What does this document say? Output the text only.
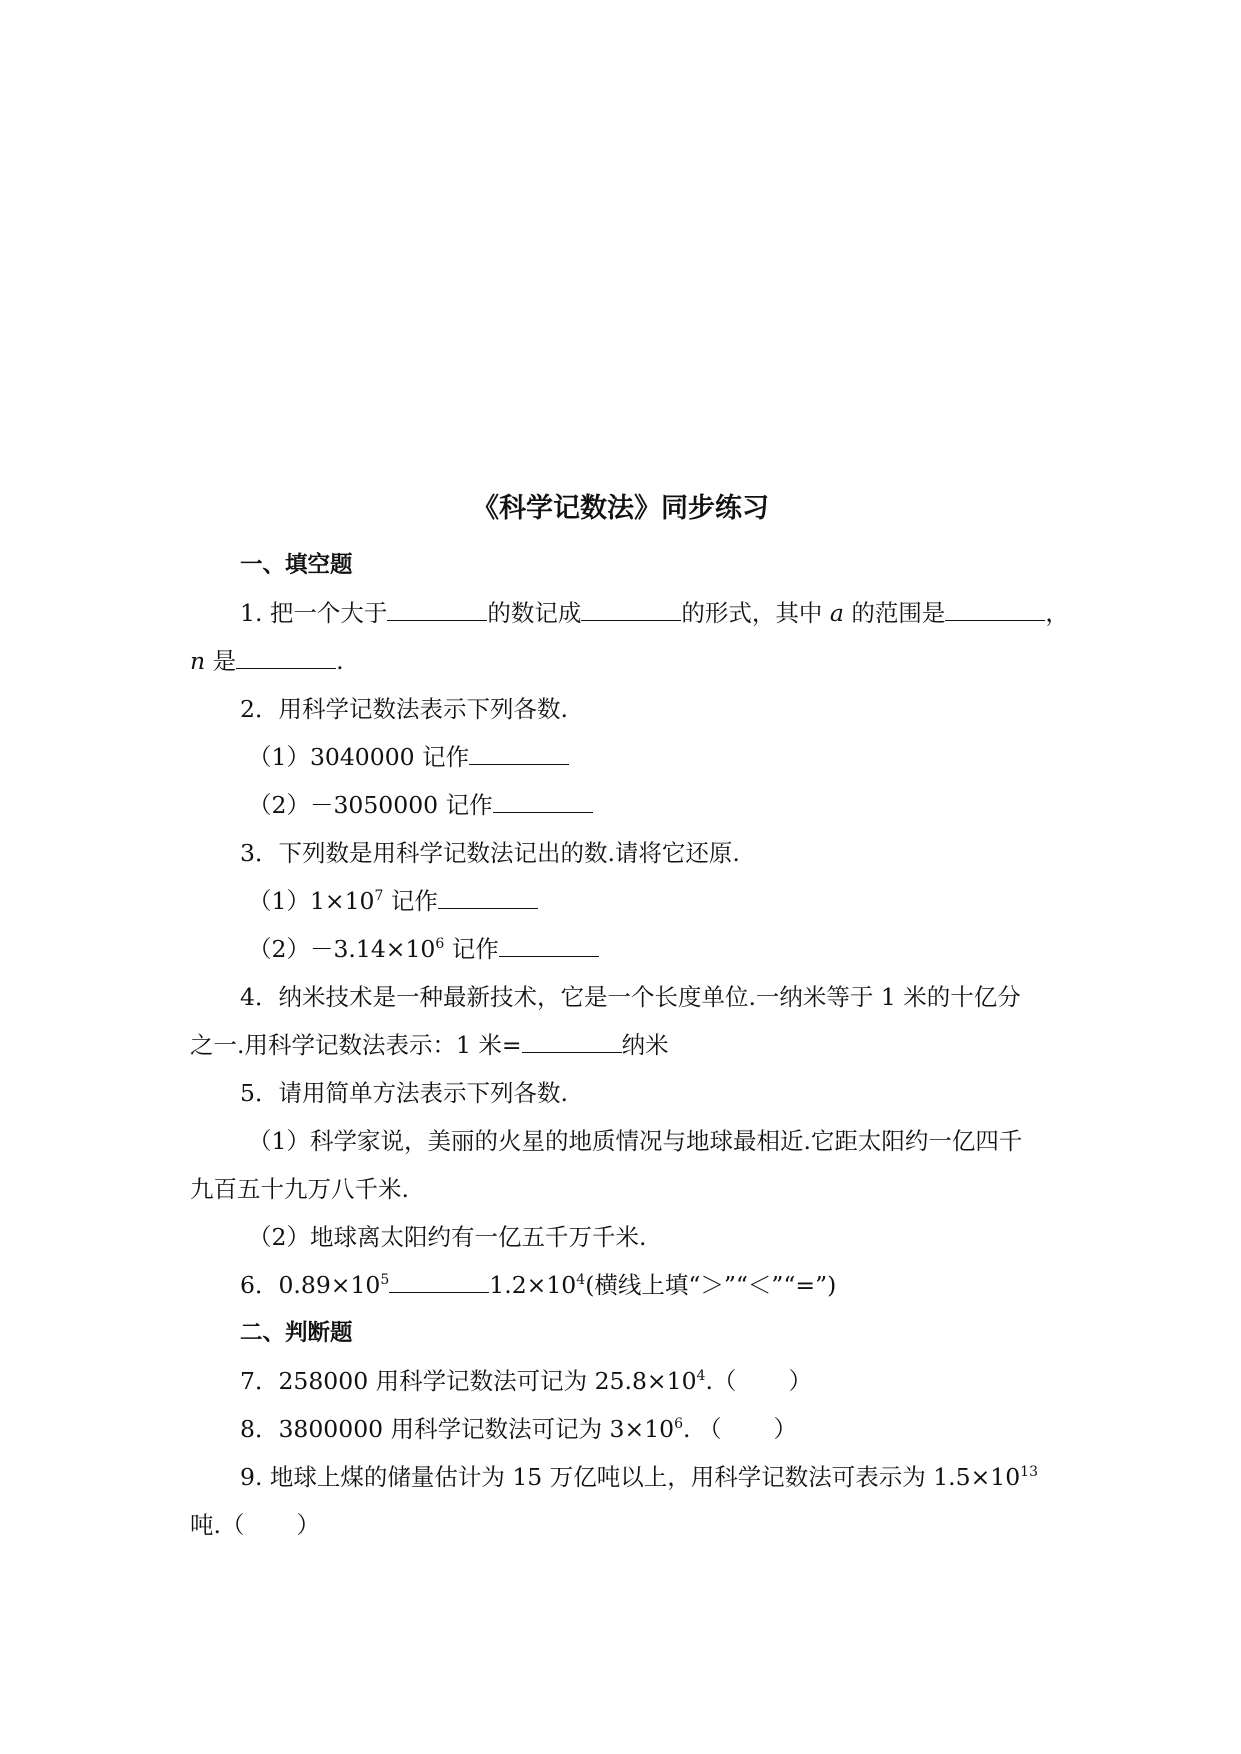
《科学记数法》同步练习
一、填空题
1. 把一个大于	的数记成	的形式，其中 a 的范围是	，
n 是	.
2．用科学记数法表示下列各数.
（1）3040000 记作
（2）－3050000 记作
3．下列数是用科学记数法记出的数.请将它还原.
$(1)1\times 10^7$ 记作
$(2)-3.14\times 10^6$ 记作
4．纳米技术是一种最新技术，它是一个长度单位.一纳米等于 1 米的十亿分
之一.用科学记数法表示：1 米=	纳米
5．请用简单方法表示下列各数.
（1）科学家说，美丽的火星的地质情况与地球最相近.它距太阳约一亿四千
九百五十九万八千米.
（2）地球离太阳约有一亿五千万千米.
6．$0.89\times 10^5$	$1.2\times 10^4$(横线上填“＞”“＜”“=”)
二、判断题
7．258000 用科学记数法可记为 $25.8\times 10^4$.（ ）
8．3800000 用科学记数法可记为 $3\times 10^6$. （ ）
9. 地球上煤的储量估计为 15 万亿吨以上，用科学记数法可表示为 $1.5\times 10^{13}$
吨.（ ）
